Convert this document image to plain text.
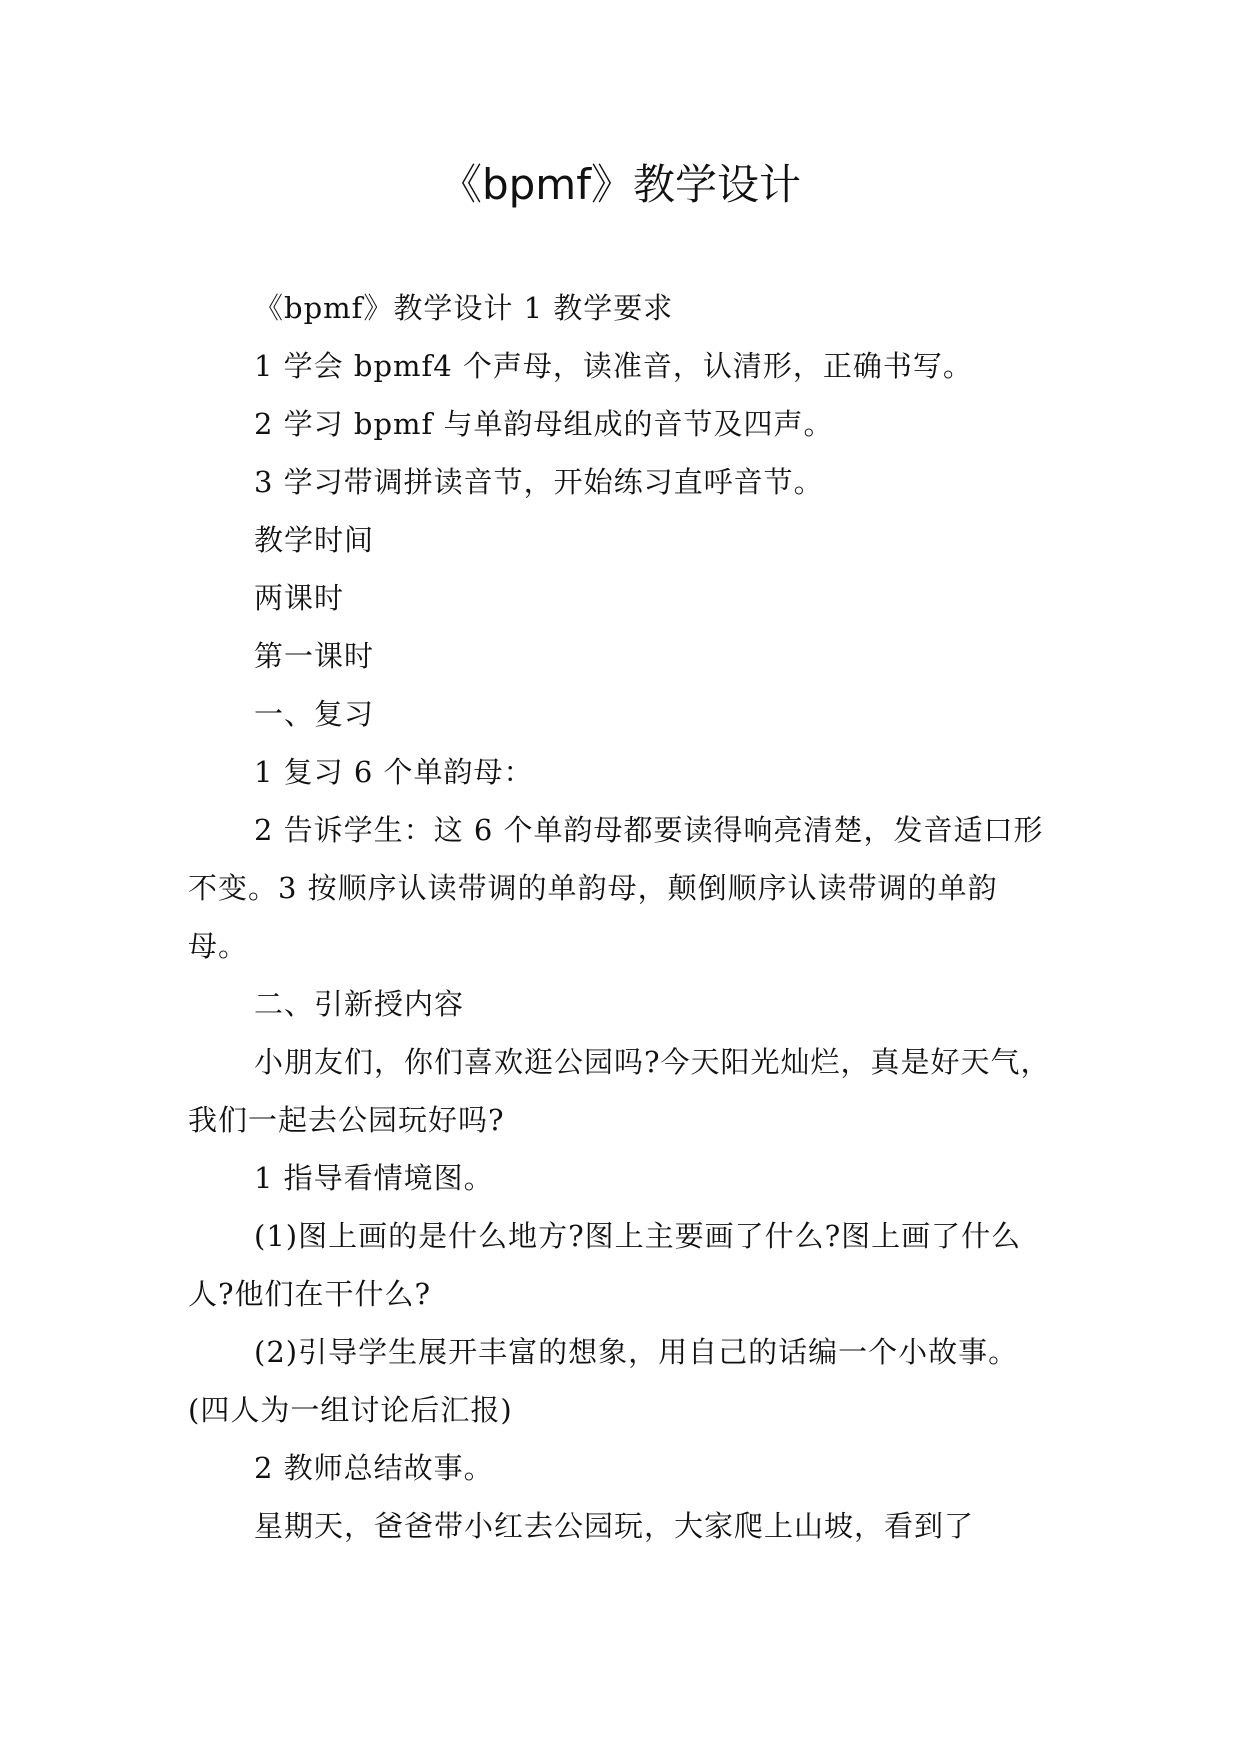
《bpmf》教学设计

《bpmf》教学设计 1 教学要求

1 学会 bpmf4 个声母，读准音，认清形，正确书写。

2 学习 bpmf 与单韵母组成的音节及四声。

3 学习带调拼读音节，开始练习直呼音节。

教学时间

两课时

第一课时

一、复习

1 复习 6 个单韵母：

2 告诉学生：这 6 个单韵母都要读得响亮清楚，发音适口形不变。3 按顺序认读带调的单韵母，颠倒顺序认读带调的单韵母。

二、引新授内容

小朋友们，你们喜欢逛公园吗?今天阳光灿烂，真是好天气，我们一起去公园玩好吗?

1 指导看情境图。

(1)图上画的是什么地方?图上主要画了什么?图上画了什么人?他们在干什么?

(2)引导学生展开丰富的想象，用自己的话编一个小故事。(四人为一组讨论后汇报)

2 教师总结故事。

星期天，爸爸带小红去公园玩，大家爬上山坡，看到了
